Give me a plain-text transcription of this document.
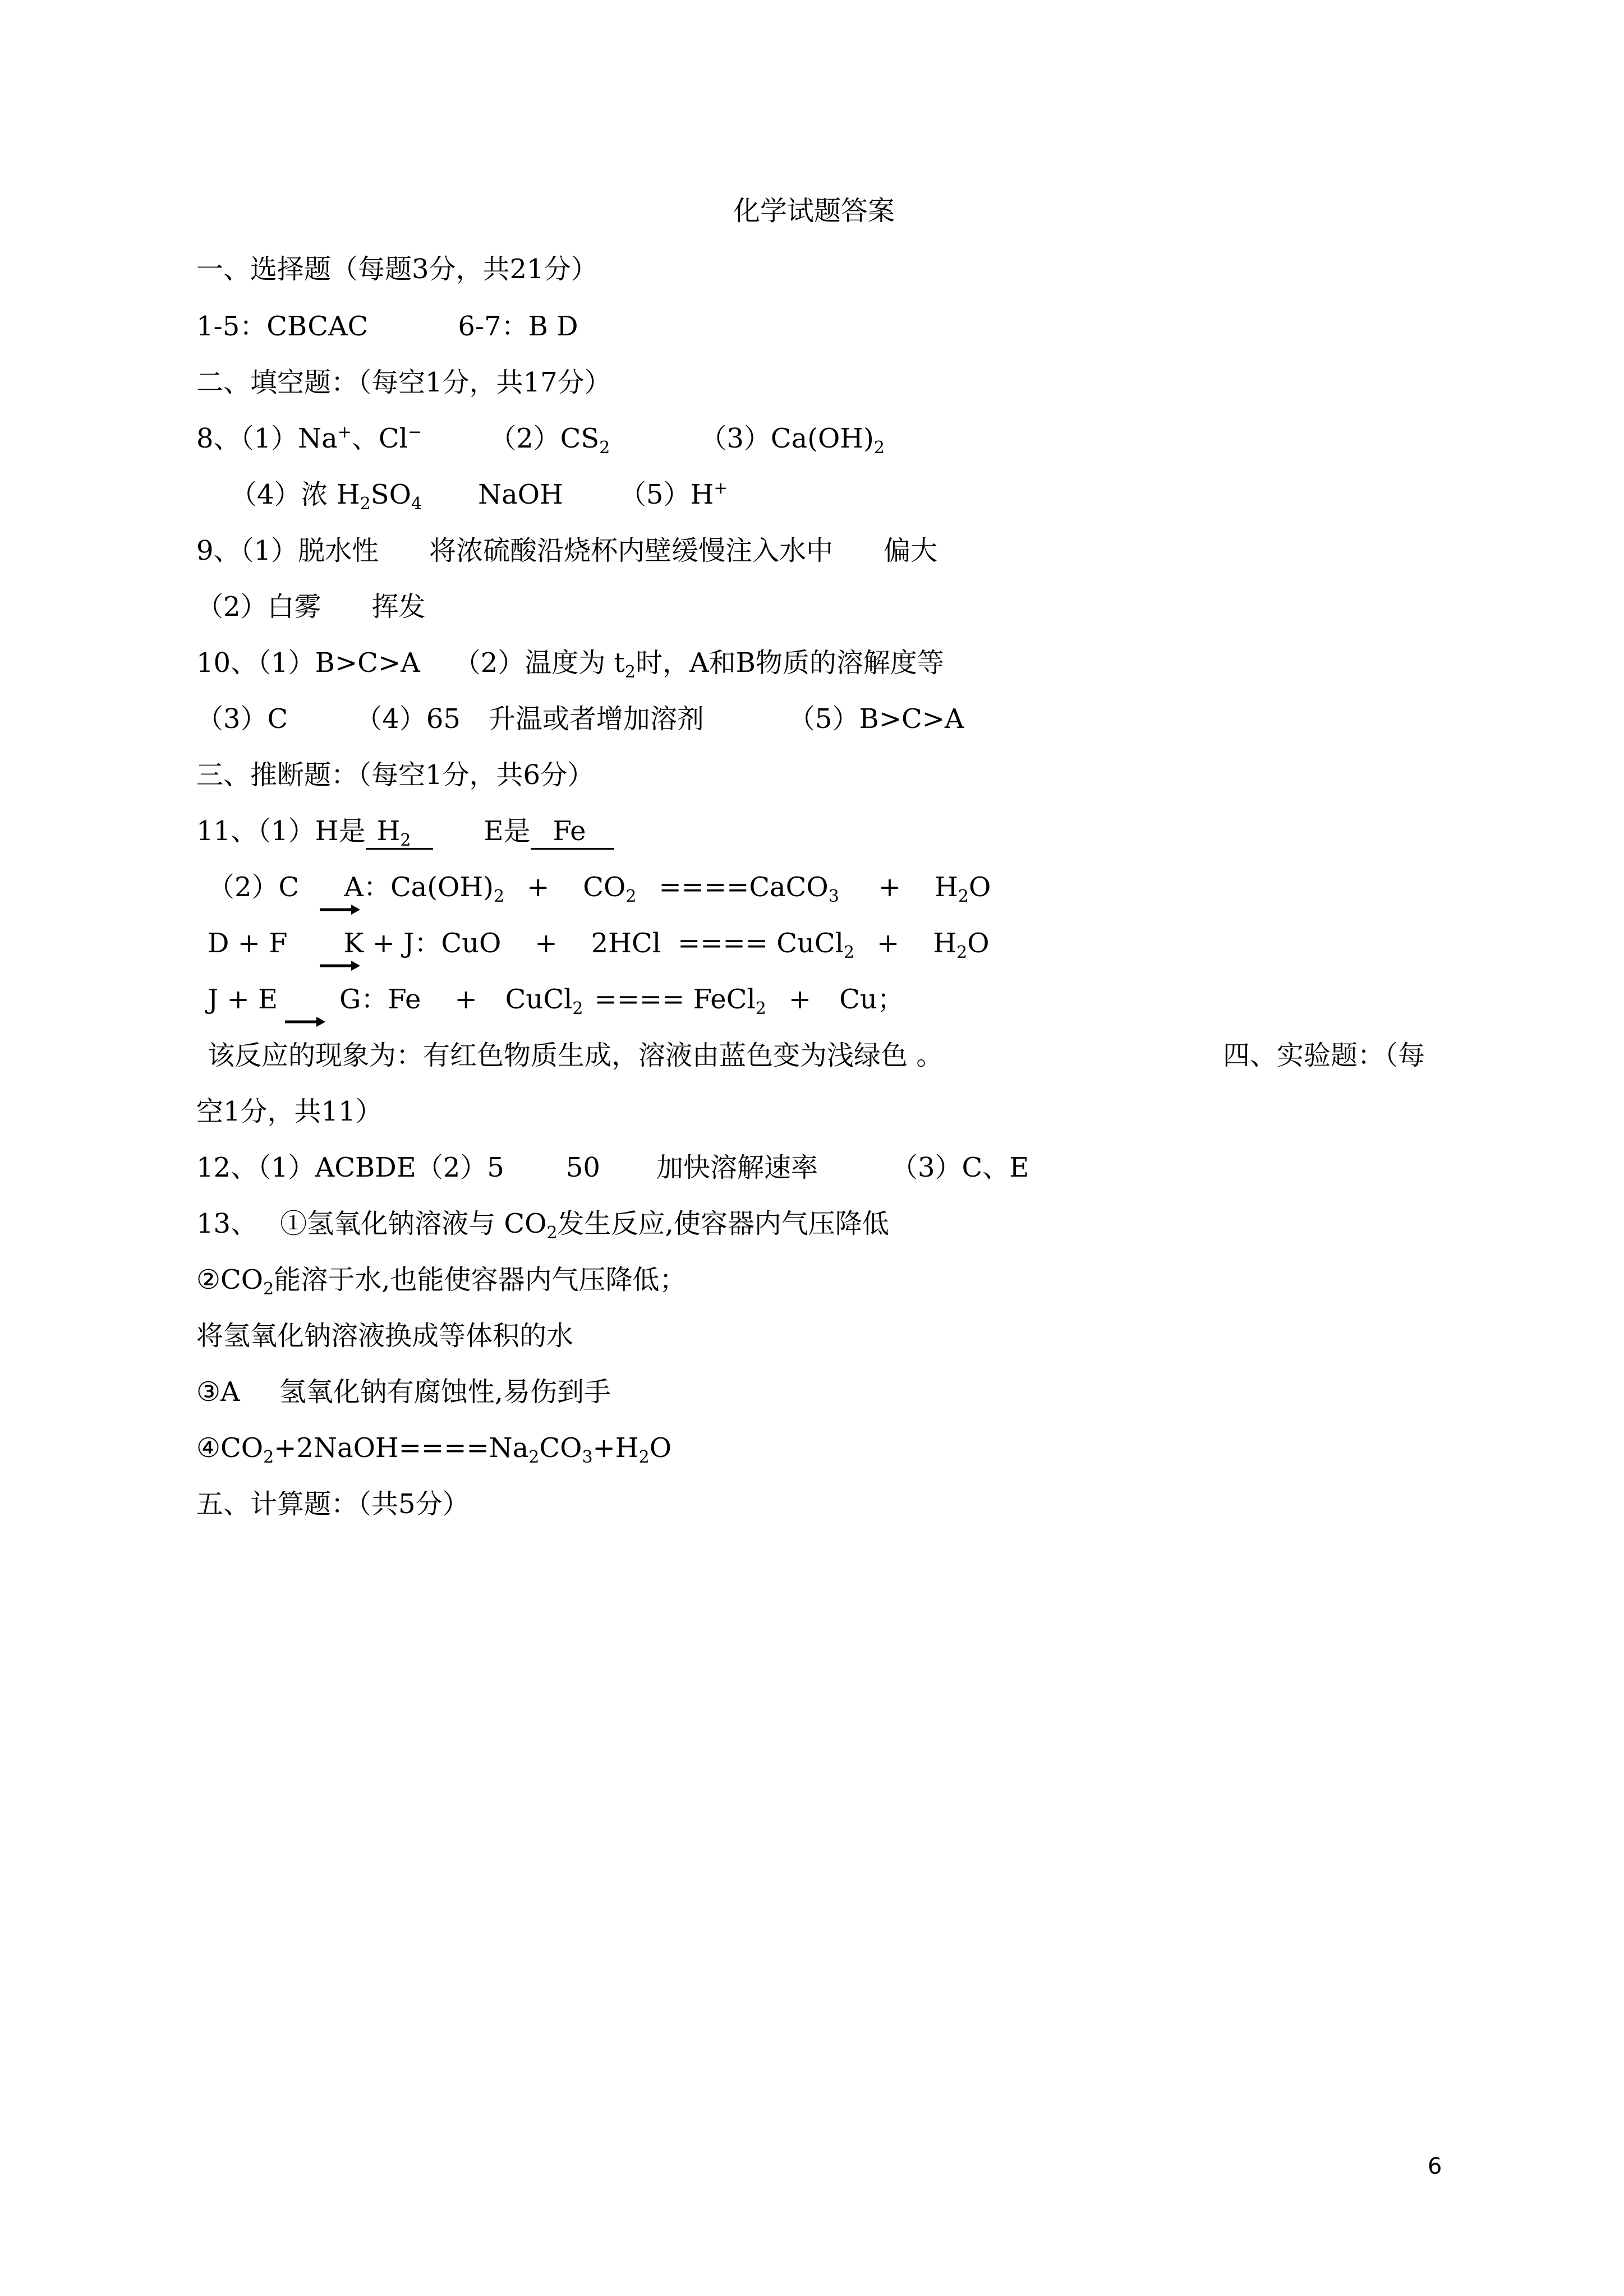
化学试题答案
一、选择题（每题3分，共21分）
1-5：CBCAC	6-7：B D
二、填空题：（每空1分，共17分）
8、（1）Na+、Cl−	$(2)CS_2$	$(3)Ca(OH)_2$
（4）浓 $H_2SO_4$ NaOH （5）H+
9、（1）脱水性 将浓硫酸沿烧杯内壁缓慢注入水中 偏大
（2）白雾 挥发
10、（1）B>C>A （2）温度为 $t_2$时，A和B物质的溶解度等
（3）C	（4）65 升温或者增加溶剂	（5）B>C>A
三、推断题：（每空1分，共6分）
11、（1）H是 $H_2$	E是 Fe
（2）C A：$Ca(OH)_2 + CO_2$ ====CaCO$_3$ + $H_2O$
D + F K + J：CuO + 2HCl ==== CuCl$_2$ + $H_2O$
J + E G：Fe + CuCl$_2$ ==== FeCl$_2$ + Cu；
该反应的现象为：有红色物质生成，溶液由蓝色变为浅绿色 。	四、实验题：（每
空1分，共11）
12、（1）ACBDE（2）5 50 加快溶解速率	（3）C、E
13、 ①氢氧化钠溶液与 $CO_2$发生反应,使容器内气压降低
$②CO_2$能溶于水,也能使容器内气压降低；
将氢氧化钠溶液换成等体积的水
③A 氢氧化钠有腐蚀性,易伤到手
$④CO_2+2NaOH====Na_2CO_3+H_2O$
五、计算题：（共5分）
6
